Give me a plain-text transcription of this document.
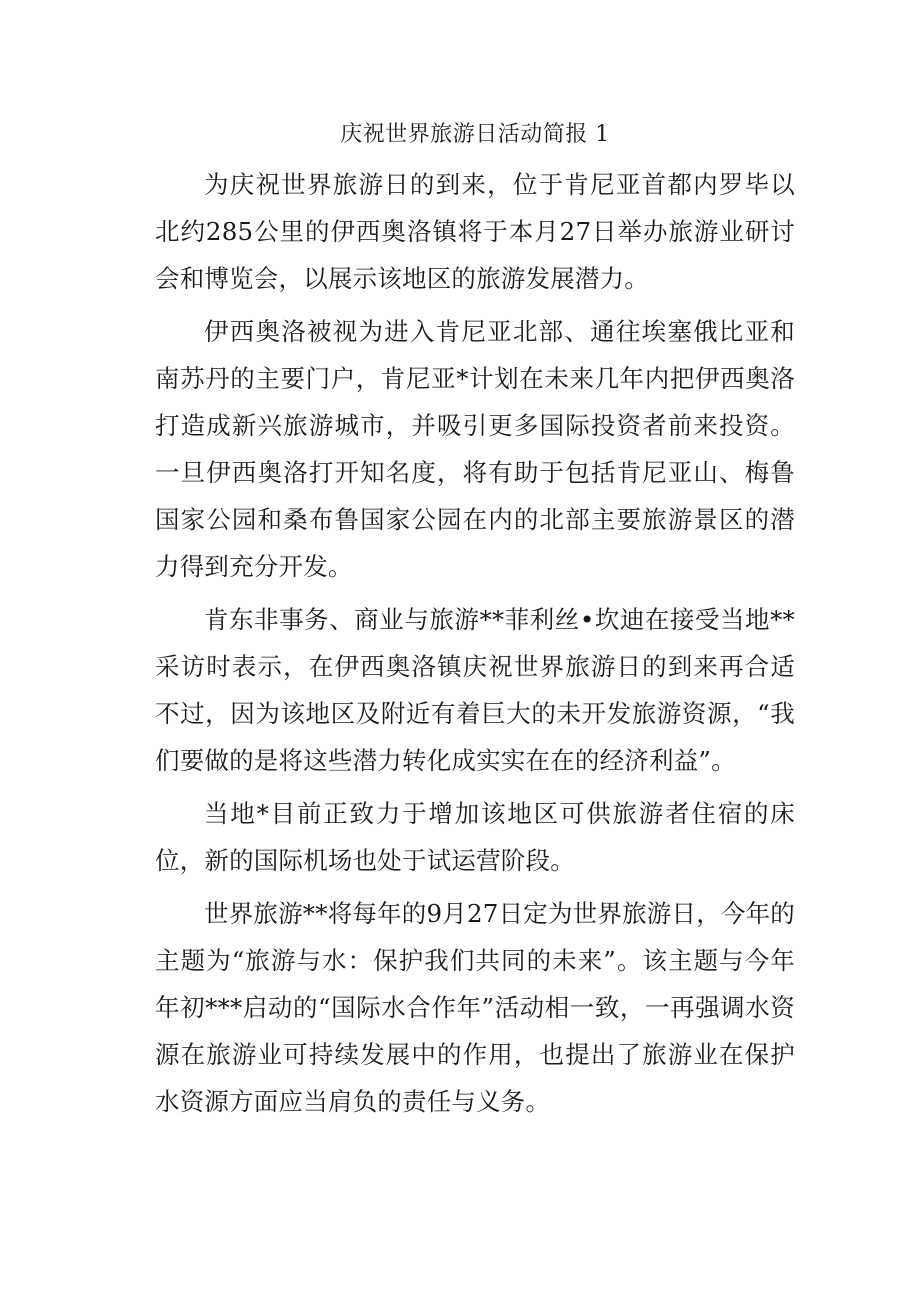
庆祝世界旅游日活动简报 1

为庆祝世界旅游日的到来，位于肯尼亚首都内罗毕以北约285公里的伊西奥洛镇将于本月27日举办旅游业研讨会和博览会，以展示该地区的旅游发展潜力。

伊西奥洛被视为进入肯尼亚北部、通往埃塞俄比亚和南苏丹的主要门户，肯尼亚*计划在未来几年内把伊西奥洛打造成新兴旅游城市，并吸引更多国际投资者前来投资。一旦伊西奥洛打开知名度，将有助于包括肯尼亚山、梅鲁国家公园和桑布鲁国家公园在内的北部主要旅游景区的潜力得到充分开发。

肯东非事务、商业与旅游**菲利丝•坎迪在接受当地**采访时表示，在伊西奥洛镇庆祝世界旅游日的到来再合适不过，因为该地区及附近有着巨大的未开发旅游资源，“我们要做的是将这些潜力转化成实实在在的经济利益”。

当地*目前正致力于增加该地区可供旅游者住宿的床位，新的国际机场也处于试运营阶段。

世界旅游**将每年的9月27日定为世界旅游日，今年的主题为“旅游与水：保护我们共同的未来”。该主题与今年年初***启动的“国际水合作年”活动相一致，一再强调水资源在旅游业可持续发展中的作用，也提出了旅游业在保护水资源方面应当肩负的责任与义务。
